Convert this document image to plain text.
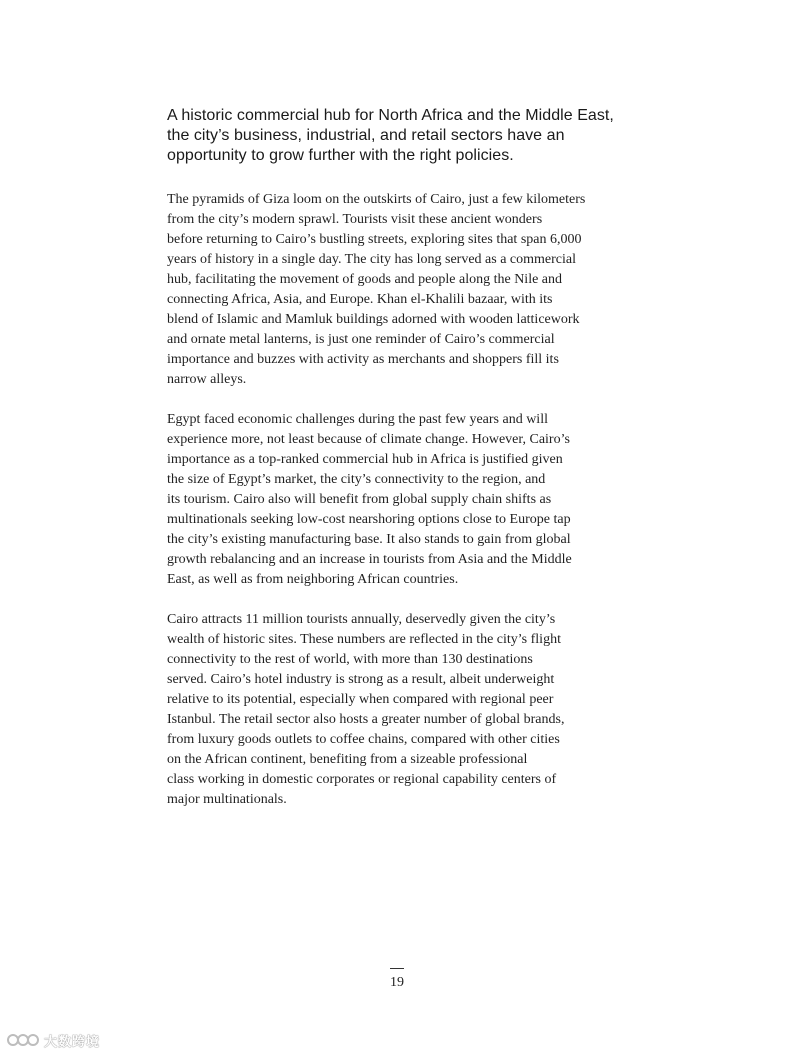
A historic commercial hub for North Africa and the Middle East, the city’s business, industrial, and retail sectors have an opportunity to grow further with the right policies.

The pyramids of Giza loom on the outskirts of Cairo, just a few kilometers
from the city’s modern sprawl. Tourists visit these ancient wonders
before returning to Cairo’s bustling streets, exploring sites that span 6,000
years of history in a single day. The city has long served as a commercial
hub, facilitating the movement of goods and people along the Nile and
connecting Africa, Asia, and Europe. Khan el-Khalili bazaar, with its
blend of Islamic and Mamluk buildings adorned with wooden latticework
and ornate metal lanterns, is just one reminder of Cairo’s commercial
importance and buzzes with activity as merchants and shoppers fill its
narrow alleys.

Egypt faced economic challenges during the past few years and will
experience more, not least because of climate change. However, Cairo’s
importance as a top-ranked commercial hub in Africa is justified given
the size of Egypt’s market, the city’s connectivity to the region, and
its tourism. Cairo also will benefit from global supply chain shifts as
multinationals seeking low-cost nearshoring options close to Europe tap
the city’s existing manufacturing base. It also stands to gain from global
growth rebalancing and an increase in tourists from Asia and the Middle
East, as well as from neighboring African countries.

Cairo attracts 11 million tourists annually, deservedly given the city’s
wealth of historic sites. These numbers are reflected in the city’s flight
connectivity to the rest of world, with more than 130 destinations
served. Cairo’s hotel industry is strong as a result, albeit underweight
relative to its potential, especially when compared with regional peer
Istanbul. The retail sector also hosts a greater number of global brands,
from luxury goods outlets to coffee chains, compared with other cities
on the African continent, benefiting from a sizeable professional
class working in domestic corporates or regional capability centers of
major multinationals.

19
大数跨境
